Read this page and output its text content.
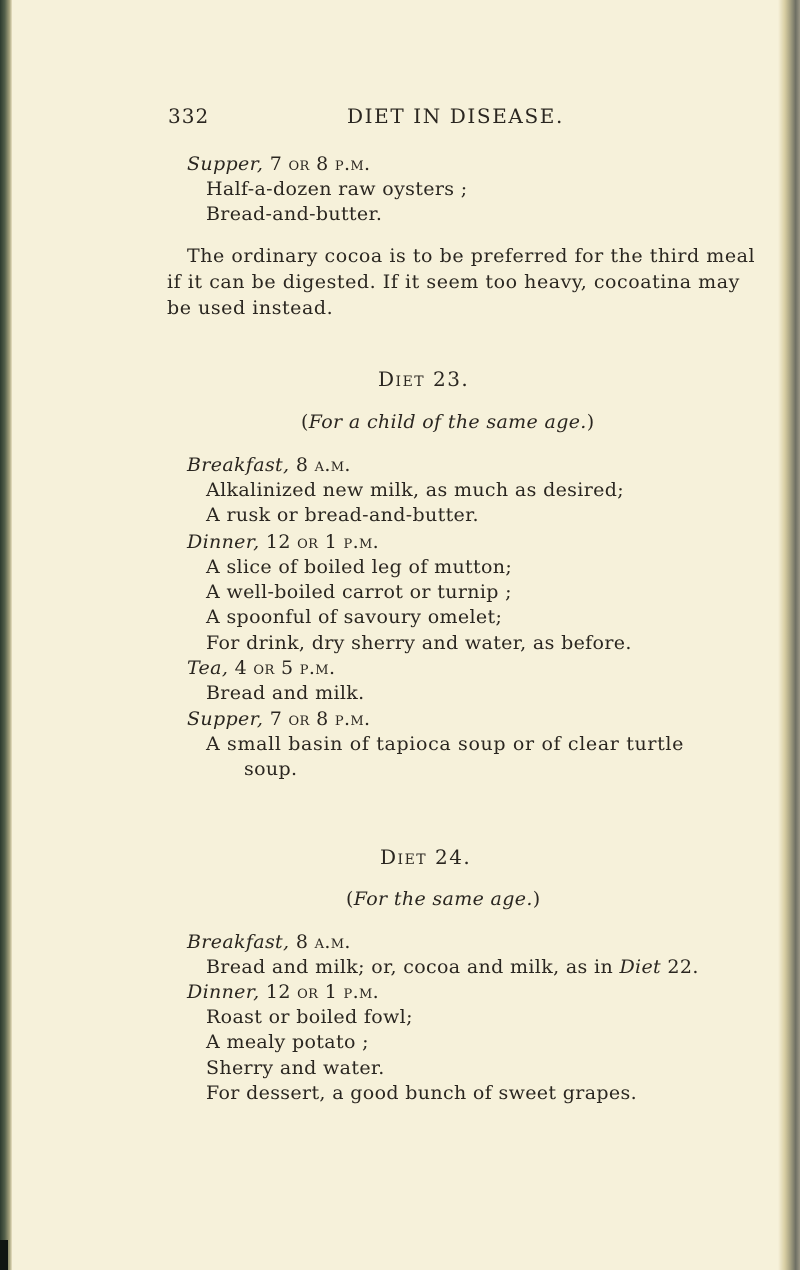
332	DIET IN DISEASE.
Supper, 7 or 8 p.m.
Half-a-dozen raw oysters ;
Bread-and-butter.
The ordinary cocoa is to be preferred for the third meal
if it can be digested. If it seem too heavy, cocoatina may
be used instead.
Diet 23.
(For a child of the same age.)
Breakfast, 8 a.m.
Alkalinized new milk, as much as desired;
A rusk or bread-and-butter.
Dinner, 12 or 1 p.m.
A slice of boiled leg of mutton;
A well-boiled carrot or turnip ;
A spoonful of savoury omelet;
For drink, dry sherry and water, as before.
Tea, 4 or 5 p.m.
Bread and milk.
Supper, 7 or 8 p.m.
A small basin of tapioca soup or of clear turtle
soup.
Diet 24.
(For the same age.)
Breakfast, 8 a.m.
Bread and milk; or, cocoa and milk, as in Diet 22.
Dinner, 12 or 1 p.m.
Roast or boiled fowl;
A mealy potato ;
Sherry and water.
For dessert, a good bunch of sweet grapes.
